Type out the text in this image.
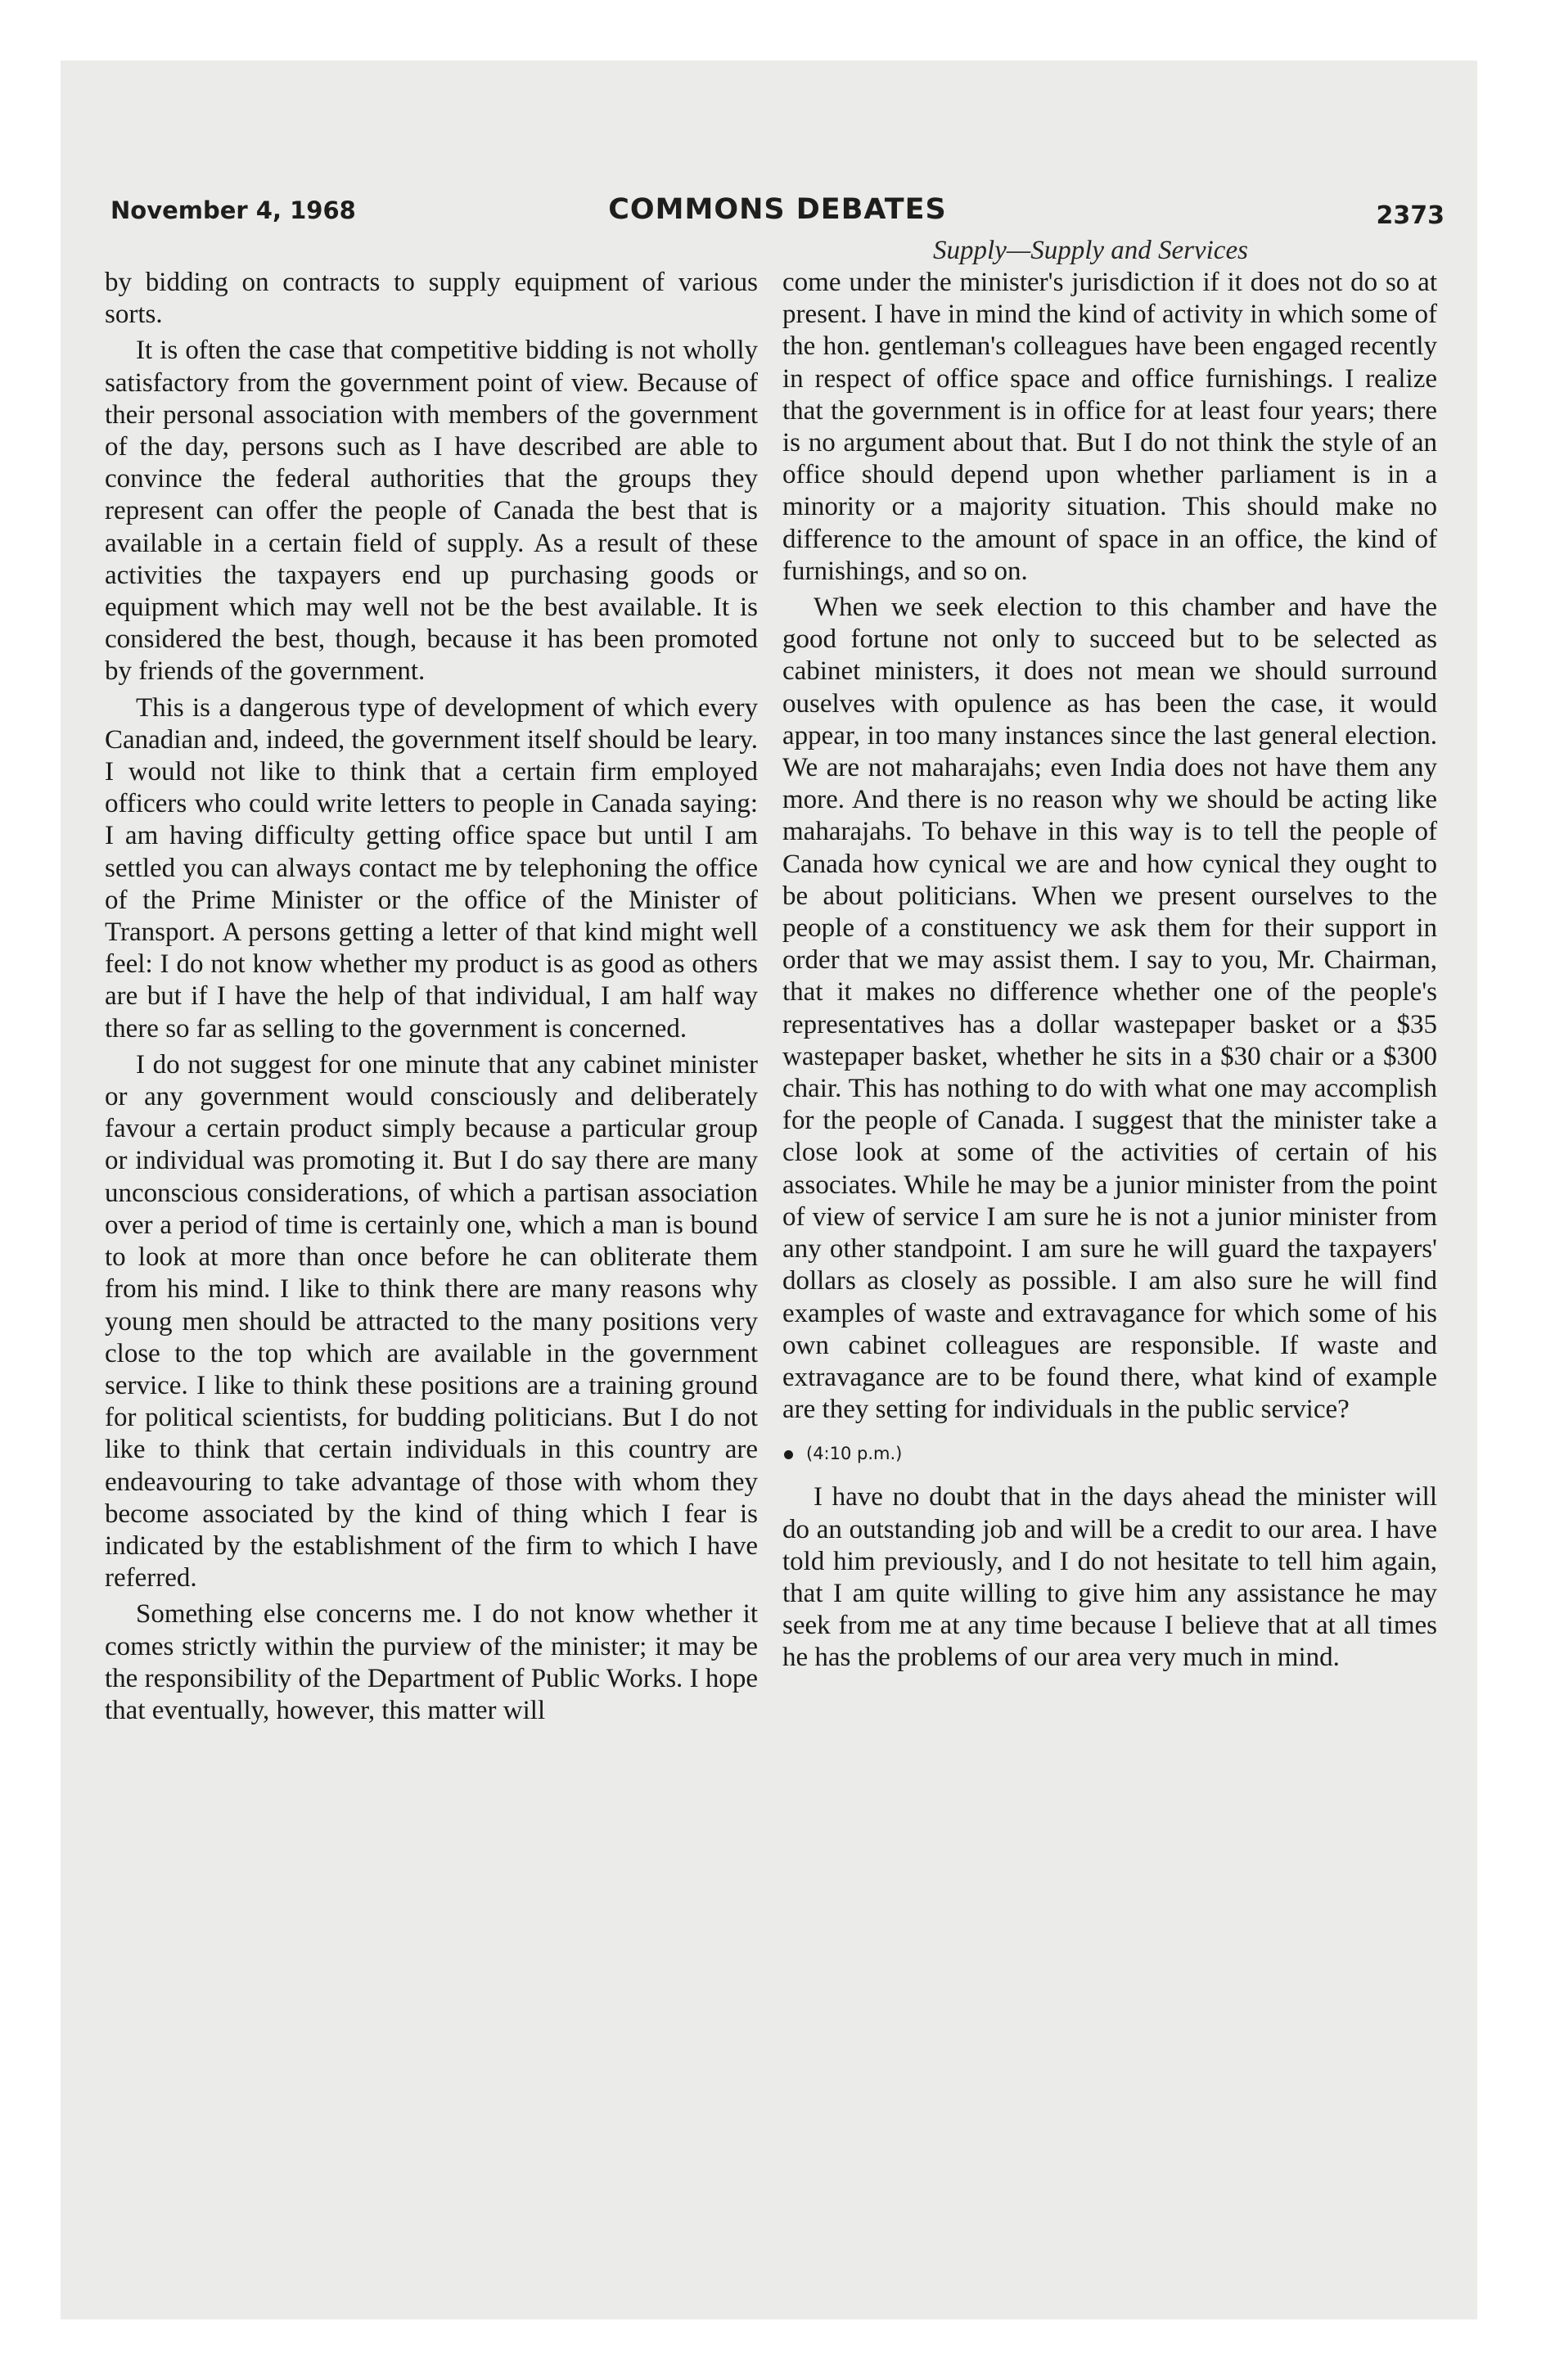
November 4, 1968	COMMONS DEBATES	2373
Supply—Supply and Services

by bidding on contracts to supply equipment of various sorts.

It is often the case that competitive bidding is not wholly satisfactory from the government point of view. Because of their personal association with members of the government of the day, persons such as I have described are able to convince the federal authorities that the groups they represent can offer the people of Canada the best that is available in a certain field of supply. As a result of these activities the taxpayers end up purchasing goods or equipment which may well not be the best available. It is considered the best, though, because it has been promoted by friends of the government.

This is a dangerous type of development of which every Canadian and, indeed, the government itself should be leary. I would not like to think that a certain firm employed officers who could write letters to people in Canada saying: I am having difficulty getting office space but until I am settled you can always contact me by telephoning the office of the Prime Minister or the office of the Minister of Transport. A persons getting a letter of that kind might well feel: I do not know whether my product is as good as others are but if I have the help of that individual, I am half way there so far as selling to the government is concerned.

I do not suggest for one minute that any cabinet minister or any government would consciously and deliberately favour a certain product simply because a particular group or individual was promoting it. But I do say there are many unconscious considerations, of which a partisan association over a period of time is certainly one, which a man is bound to look at more than once before he can obliterate them from his mind. I like to think there are many reasons why young men should be attracted to the many positions very close to the top which are available in the government service. I like to think these positions are a training ground for political scientists, for budding politicians. But I do not like to think that certain individuals in this country are endeavouring to take advantage of those with whom they become associated by the kind of thing which I fear is indicated by the establishment of the firm to which I have referred.

Something else concerns me. I do not know whether it comes strictly within the purview of the minister; it may be the responsibility of the Department of Public Works. I hope that eventually, however, this matter will

come under the minister's jurisdiction if it does not do so at present. I have in mind the kind of activity in which some of the hon. gentleman's colleagues have been engaged recently in respect of office space and office furnishings. I realize that the government is in office for at least four years; there is no argument about that. But I do not think the style of an office should depend upon whether parliament is in a minority or a majority situation. This should make no difference to the amount of space in an office, the kind of furnishings, and so on.

When we seek election to this chamber and have the good fortune not only to succeed but to be selected as cabinet ministers, it does not mean we should surround ouselves with opulence as has been the case, it would appear, in too many instances since the last general election. We are not maharajahs; even India does not have them any more. And there is no reason why we should be acting like maharajahs. To behave in this way is to tell the people of Canada how cynical we are and how cynical they ought to be about politicians. When we present ourselves to the people of a constituency we ask them for their support in order that we may assist them. I say to you, Mr. Chairman, that it makes no difference whether one of the people's representatives has a dollar wastepaper basket or a $35 wastepaper basket, whether he sits in a $30 chair or a $300 chair. This has nothing to do with what one may accomplish for the people of Canada. I suggest that the minister take a close look at some of the activities of certain of his associates. While he may be a junior minister from the point of view of service I am sure he is not a junior minister from any other standpoint. I am sure he will guard the taxpayers' dollars as closely as possible. I am also sure he will find examples of waste and extravagance for which some of his own cabinet colleagues are responsible. If waste and extravagance are to be found there, what kind of example are they setting for individuals in the public service?

(4:10 p.m.)

I have no doubt that in the days ahead the minister will do an outstanding job and will be a credit to our area. I have told him previously, and I do not hesitate to tell him again, that I am quite willing to give him any assistance he may seek from me at any time because I believe that at all times he has the problems of our area very much in mind.
